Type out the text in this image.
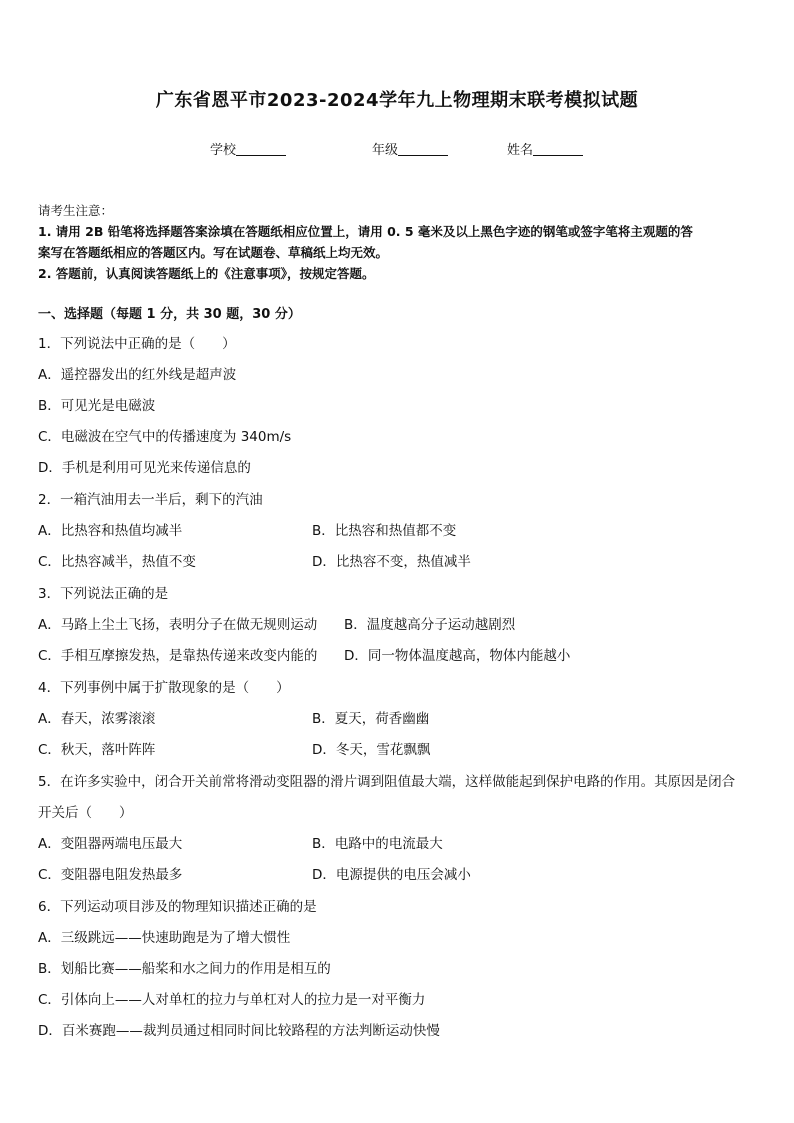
广东省恩平市2023-2024学年九上物理期末联考模拟试题
学校	年级	姓名
请考生注意：
1. 请用 2B 铅笔将选择题答案涂填在答题纸相应位置上，请用 0. 5 毫米及以上黑色字迹的钢笔或签字笔将主观题的答
案写在答题纸相应的答题区内。写在试题卷、草稿纸上均无效。
2. 答题前，认真阅读答题纸上的《注意事项》，按规定答题。
一、选择题（每题 1 分，共 30 题，30 分）
1．下列说法中正确的是（　　）
A．遥控器发出的红外线是超声波
B．可见光是电磁波
C．电磁波在空气中的传播速度为 340m/s
D．手机是利用可见光来传递信息的
2．一箱汽油用去一半后，剩下的汽油
A．比热容和热值均减半	B．比热容和热值都不变
C．比热容减半，热值不变	D．比热容不变，热值减半
3．下列说法正确的是
A．马路上尘土飞扬，表明分子在做无规则运动 B．温度越高分子运动越剧烈
C．手相互摩擦发热，是靠热传递来改变内能的 D．同一物体温度越高，物体内能越小
4．下列事例中属于扩散现象的是（　　）
A．春天，浓雾滚滚	B．夏天，荷香幽幽
C．秋天，落叶阵阵	D．冬天，雪花飘飘
5．在许多实验中，闭合开关前常将滑动变阻器的滑片调到阻值最大端，这样做能起到保护电路的作用。其原因是闭合
开关后（　　）
A．变阻器两端电压最大	B．电路中的电流最大
C．变阻器电阻发热最多	D．电源提供的电压会减小
6．下列运动项目涉及的物理知识描述正确的是
A．三级跳远——快速助跑是为了增大惯性
B．划船比赛——船桨和水之间力的作用是相互的
C．引体向上——人对单杠的拉力与单杠对人的拉力是一对平衡力
D．百米赛跑——裁判员通过相同时间比较路程的方法判断运动快慢
